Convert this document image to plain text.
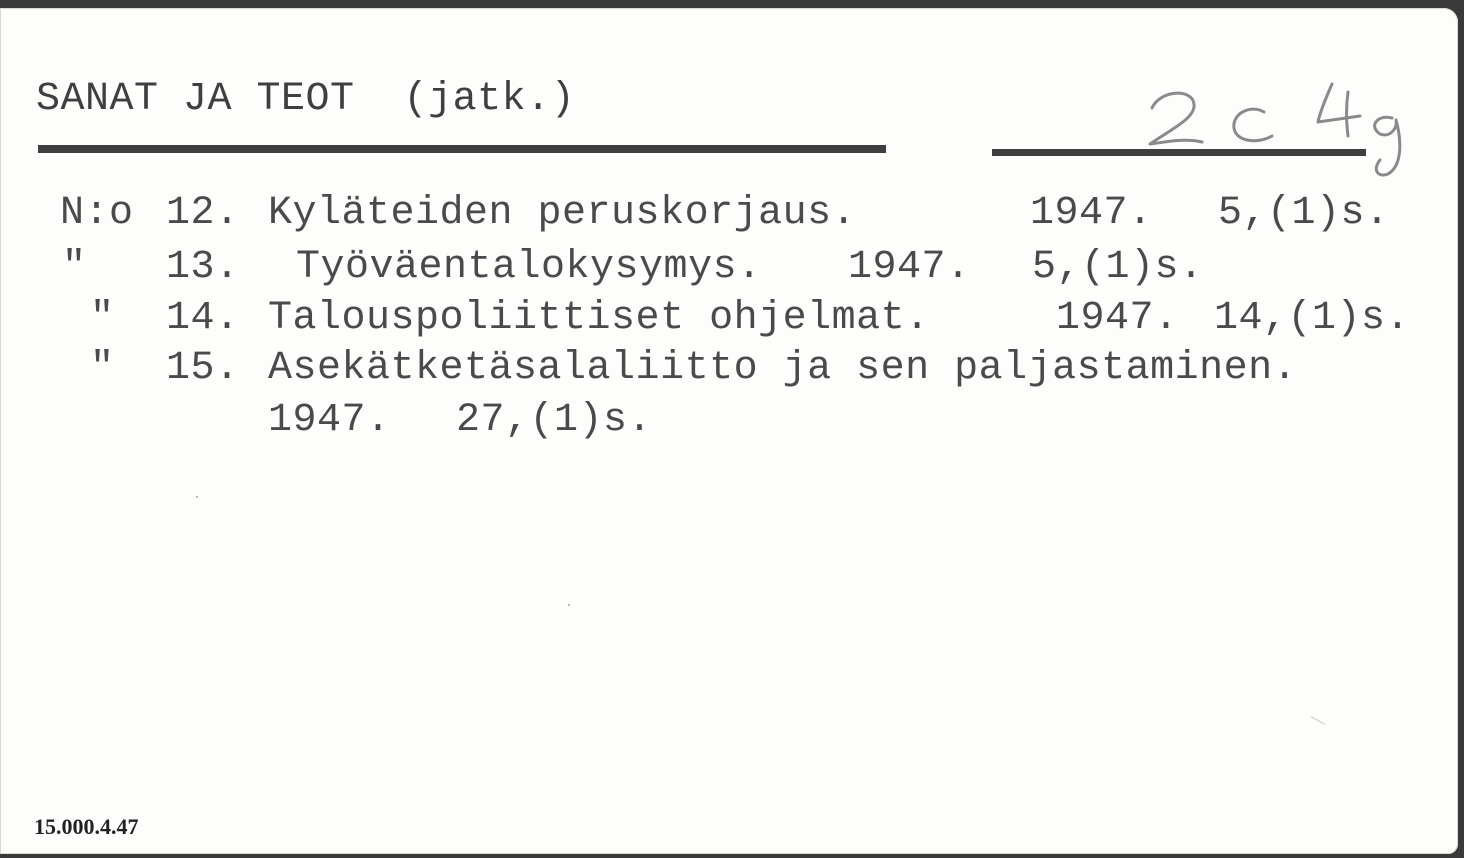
SANAT JA TEOT  (jatk.)
N:o 12. Kyläteiden peruskorjaus.	1947. 5,(1)s.
" 13. Työväentalokysymys. 1947. 5,(1)s.
" 14. Talouspoliittiset ohjelmat.	1947. 14,(1)s.
" 15. Asekätketäsalaliitto ja sen paljastaminen.
1947. 27,(1)s.
15.000.4.47
